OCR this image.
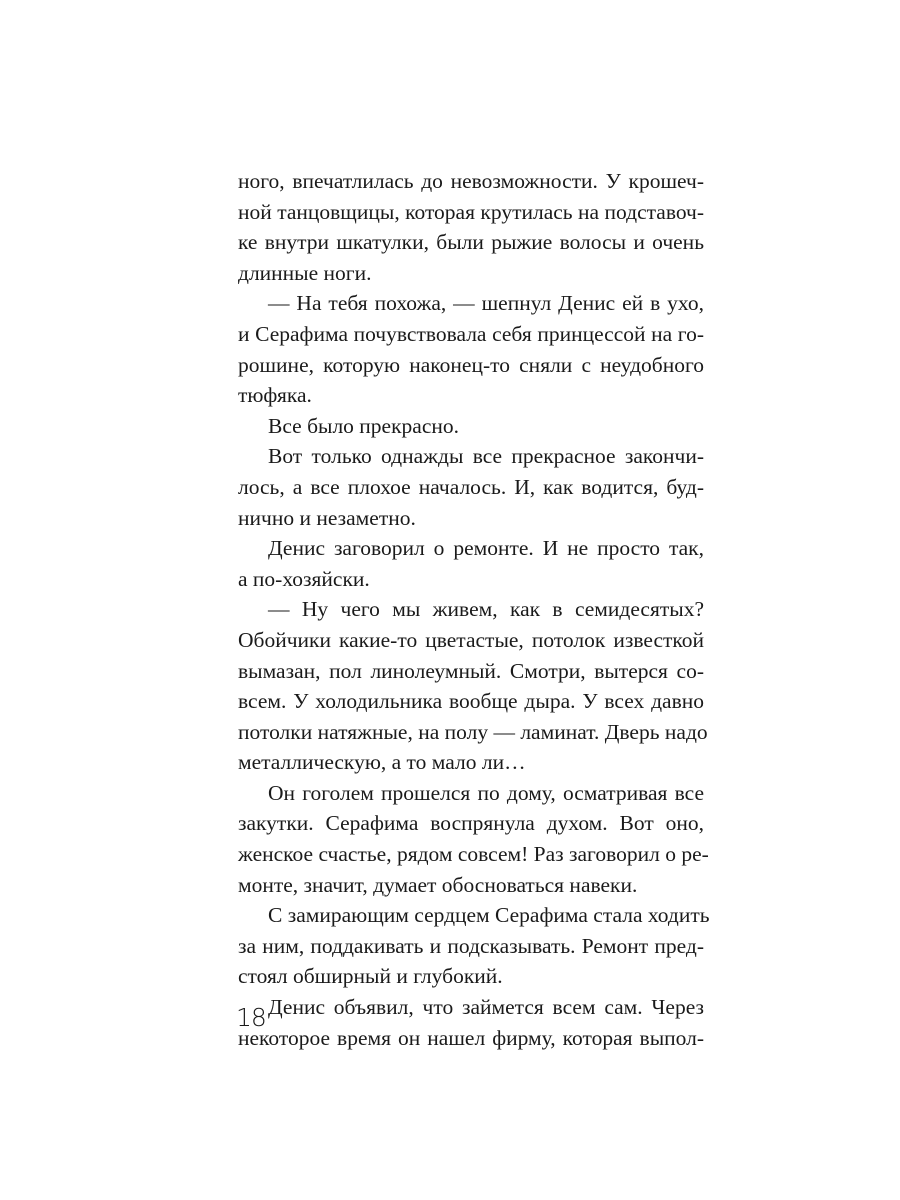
ного, впечатлилась до невозможности. У крошеч-
ной танцовщицы, которая крутилась на подставоч-
ке внутри шкатулки, были рыжие волосы и очень
длинные ноги.
— На тебя похожа, — шепнул Денис ей в ухо,
и Серафима почувствовала себя принцессой на го-
рошине, которую наконец-то сняли с неудобного
тюфяка.
Все было прекрасно.
Вот только однажды все прекрасное закончи-
лось, а все плохое началось. И, как водится, буд-
нично и незаметно.
Денис заговорил о ремонте. И не просто так,
а по-хозяйски.
— Ну чего мы живем, как в семидесятых?
Обойчики какие-то цветастые, потолок известкой
вымазан, пол линолеумный. Смотри, вытерся со-
всем. У холодильника вообще дыра. У всех давно
потолки натяжные, на полу — ламинат. Дверь надо
металлическую, а то мало ли…
Он гоголем прошелся по дому, осматривая все
закутки. Серафима воспрянула духом. Вот оно,
женское счастье, рядом совсем! Раз заговорил о ре-
монте, значит, думает обосноваться навеки.
С замирающим сердцем Серафима стала ходить
за ним, поддакивать и подсказывать. Ремонт пред-
стоял обширный и глубокий.
Денис объявил, что займется всем сам. Через
некоторое время он нашел фирму, которая выпол-
18
